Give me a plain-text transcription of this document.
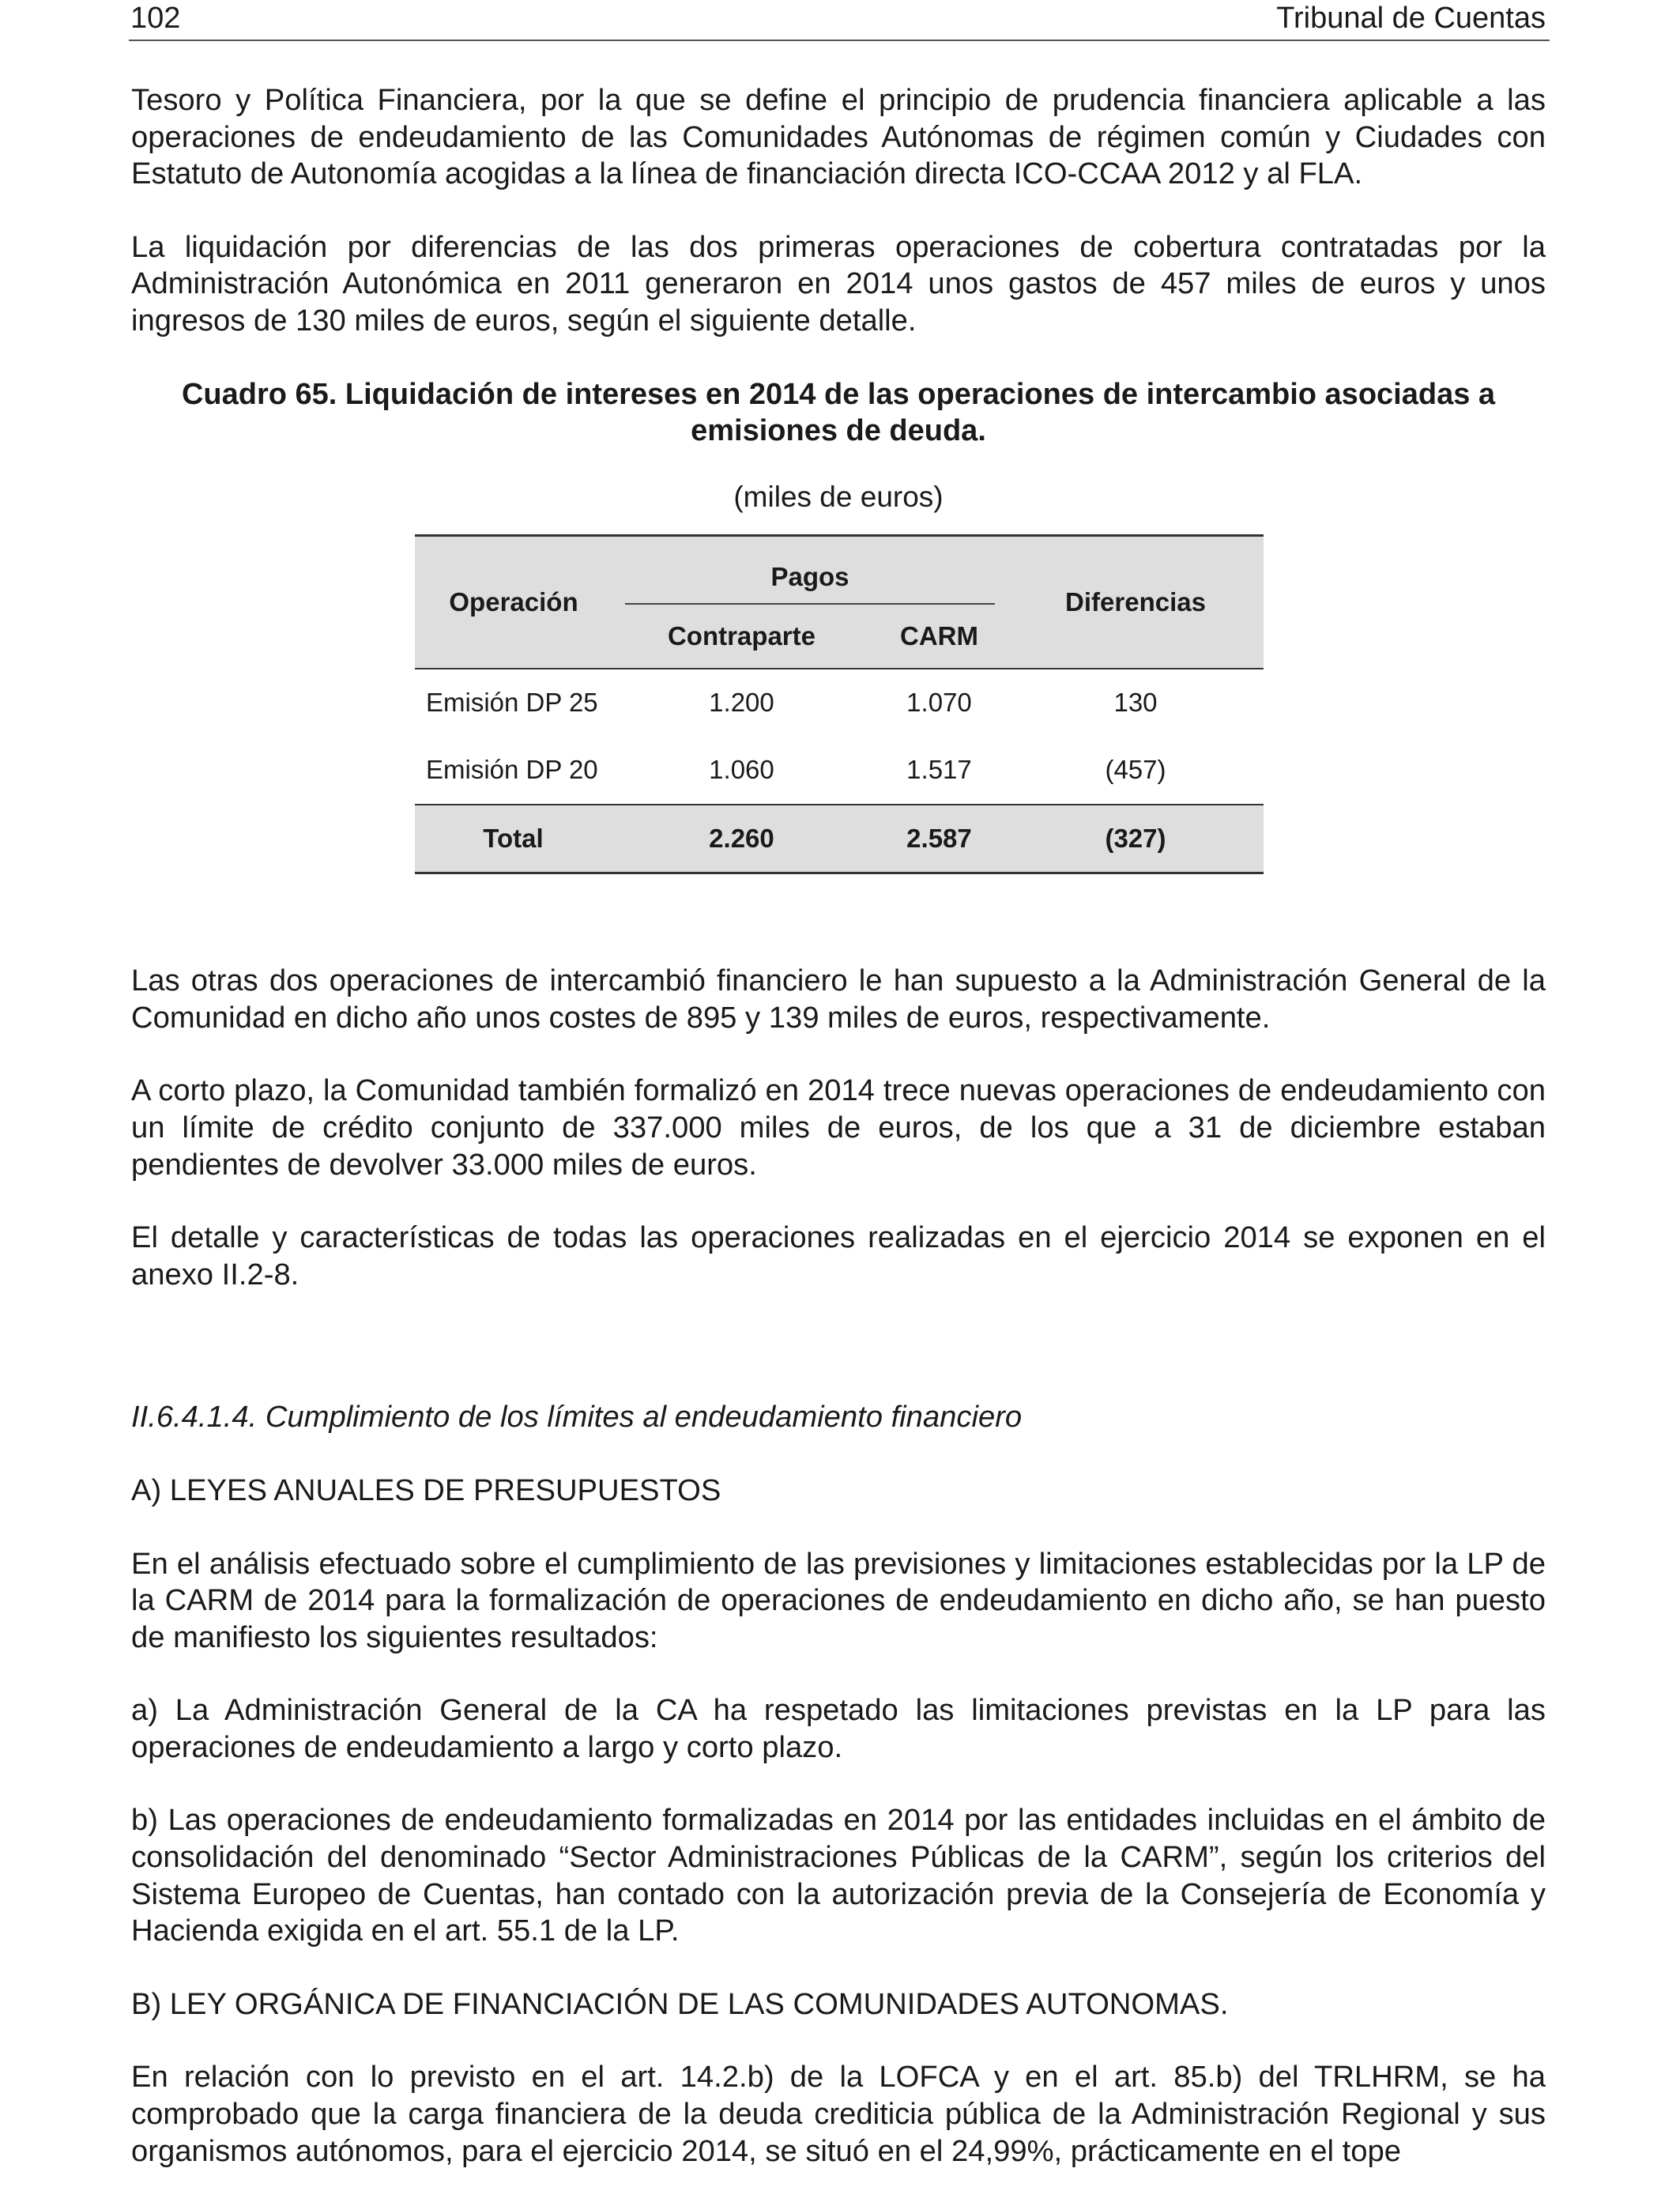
102	Tribunal de Cuentas

Tesoro y Política Financiera, por la que se define el principio de prudencia financiera aplicable a las operaciones de endeudamiento de las Comunidades Autónomas de régimen común y Ciudades con Estatuto de Autonomía acogidas a la línea de financiación directa ICO-CCAA 2012 y al FLA.

La liquidación por diferencias de las dos primeras operaciones de cobertura contratadas por la Administración Autonómica en 2011 generaron en 2014 unos gastos de 457 miles de euros y unos ingresos de 130 miles de euros, según el siguiente detalle.

Cuadro 65. Liquidación de intereses en 2014 de las operaciones de intercambio asociadas a
emisiones de deuda.
(miles de euros)
Operación	Pagos		Diferencias
	Contraparte	CARM	
Emisión DP 25	1.200	1.070	130
Emisión DP 20	1.060	1.517	(457)
Total	2.260	2.587	(327)

Las otras dos operaciones de intercambió financiero le han supuesto a la Administración General de la Comunidad en dicho año unos costes de 895 y 139 miles de euros, respectivamente.

A corto plazo, la Comunidad también formalizó en 2014 trece nuevas operaciones de endeudamiento con un límite de crédito conjunto de 337.000 miles de euros, de los que a 31 de diciembre estaban pendientes de devolver 33.000 miles de euros.

El detalle y características de todas las operaciones realizadas en el ejercicio 2014 se exponen en el anexo II.2-8.

II.6.4.1.4. Cumplimiento de los límites al endeudamiento financiero

A) LEYES ANUALES DE PRESUPUESTOS

En el análisis efectuado sobre el cumplimiento de las previsiones y limitaciones establecidas por la LP de la CARM de 2014 para la formalización de operaciones de endeudamiento en dicho año, se han puesto de manifiesto los siguientes resultados:

a) La Administración General de la CA ha respetado las limitaciones previstas en la LP para las operaciones de endeudamiento a largo y corto plazo.

b) Las operaciones de endeudamiento formalizadas en 2014 por las entidades incluidas en el ámbito de consolidación del denominado “Sector Administraciones Públicas de la CARM”, según los criterios del Sistema Europeo de Cuentas, han contado con la autorización previa de la Consejería de Economía y Hacienda exigida en el art. 55.1 de la LP.

B) LEY ORGÁNICA DE FINANCIACIÓN DE LAS COMUNIDADES AUTONOMAS.

En relación con lo previsto en el art. 14.2.b) de la LOFCA y en el art. 85.b) del TRLHRM, se ha comprobado que la carga financiera de la deuda crediticia pública de la Administración Regional y sus organismos autónomos, para el ejercicio 2014, se situó en el 24,99%, prácticamente en el tope
